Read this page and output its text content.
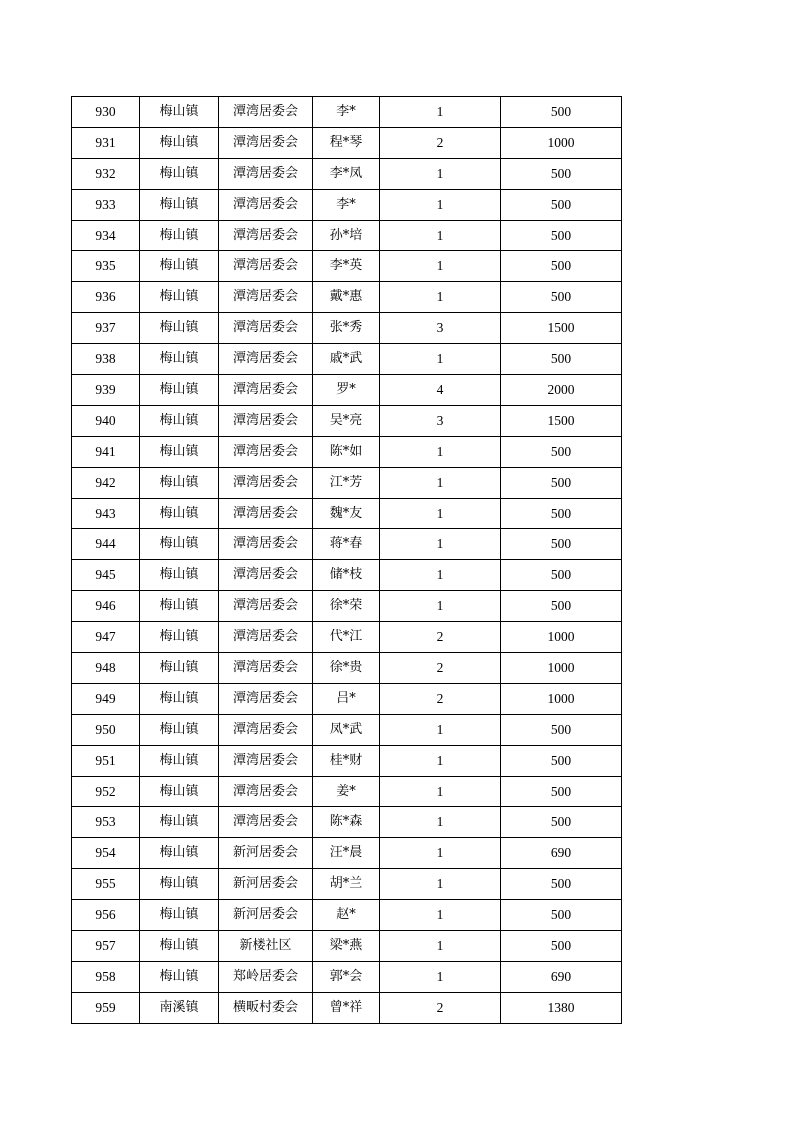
930	梅山镇	潭湾居委会	李*	1	500
931	梅山镇	潭湾居委会	程*琴	2	1000
932	梅山镇	潭湾居委会	李*凤	1	500
933	梅山镇	潭湾居委会	李*	1	500
934	梅山镇	潭湾居委会	孙*培	1	500
935	梅山镇	潭湾居委会	李*英	1	500
936	梅山镇	潭湾居委会	戴*惠	1	500
937	梅山镇	潭湾居委会	张*秀	3	1500
938	梅山镇	潭湾居委会	戚*武	1	500
939	梅山镇	潭湾居委会	罗*	4	2000
940	梅山镇	潭湾居委会	吴*亮	3	1500
941	梅山镇	潭湾居委会	陈*如	1	500
942	梅山镇	潭湾居委会	江*芳	1	500
943	梅山镇	潭湾居委会	魏*友	1	500
944	梅山镇	潭湾居委会	蒋*春	1	500
945	梅山镇	潭湾居委会	储*枝	1	500
946	梅山镇	潭湾居委会	徐*荣	1	500
947	梅山镇	潭湾居委会	代*江	2	1000
948	梅山镇	潭湾居委会	徐*贵	2	1000
949	梅山镇	潭湾居委会	吕*	2	1000
950	梅山镇	潭湾居委会	凤*武	1	500
951	梅山镇	潭湾居委会	桂*财	1	500
952	梅山镇	潭湾居委会	姜*	1	500
953	梅山镇	潭湾居委会	陈*森	1	500
954	梅山镇	新河居委会	汪*晨	1	690
955	梅山镇	新河居委会	胡*兰	1	500
956	梅山镇	新河居委会	赵*	1	500
957	梅山镇	新楼社区	梁*燕	1	500
958	梅山镇	郑岭居委会	郭*会	1	690
959	南溪镇	横畈村委会	曾*祥	2	1380
